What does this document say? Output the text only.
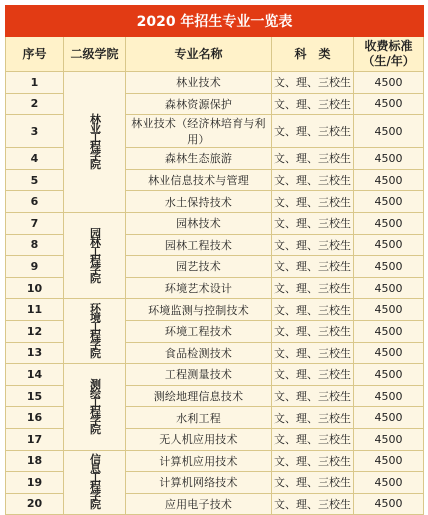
2020 年招生专业一览表				
序号	二级学院	专业名称	科　类	收费标准（生/年）
1	林业工程学院	林业技术	文、理、三校生	4500
2		森林资源保护	文、理、三校生	4500
3		林业技术（经济林培育与利用）	文、理、三校生	4500
4		森林生态旅游	文、理、三校生	4500
5		林业信息技术与管理	文、理、三校生	4500
6		水土保持技术	文、理、三校生	4500
7	园林工程学院	园林技术	文、理、三校生	4500
8		园林工程技术	文、理、三校生	4500
9		园艺技术	文、理、三校生	4500
10		环境艺术设计	文、理、三校生	4500
11	环境工程学院	环境监测与控制技术	文、理、三校生	4500
12		环境工程技术	文、理、三校生	4500
13		食品检测技术	文、理、三校生	4500
14	测绘工程学院	工程测量技术	文、理、三校生	4500
15		测绘地理信息技术	文、理、三校生	4500
16		水利工程	文、理、三校生	4500
17		无人机应用技术	文、理、三校生	4500
18	信息工程学院	计算机应用技术	文、理、三校生	4500
19		计算机网络技术	文、理、三校生	4500
20		应用电子技术	文、理、三校生	4500
